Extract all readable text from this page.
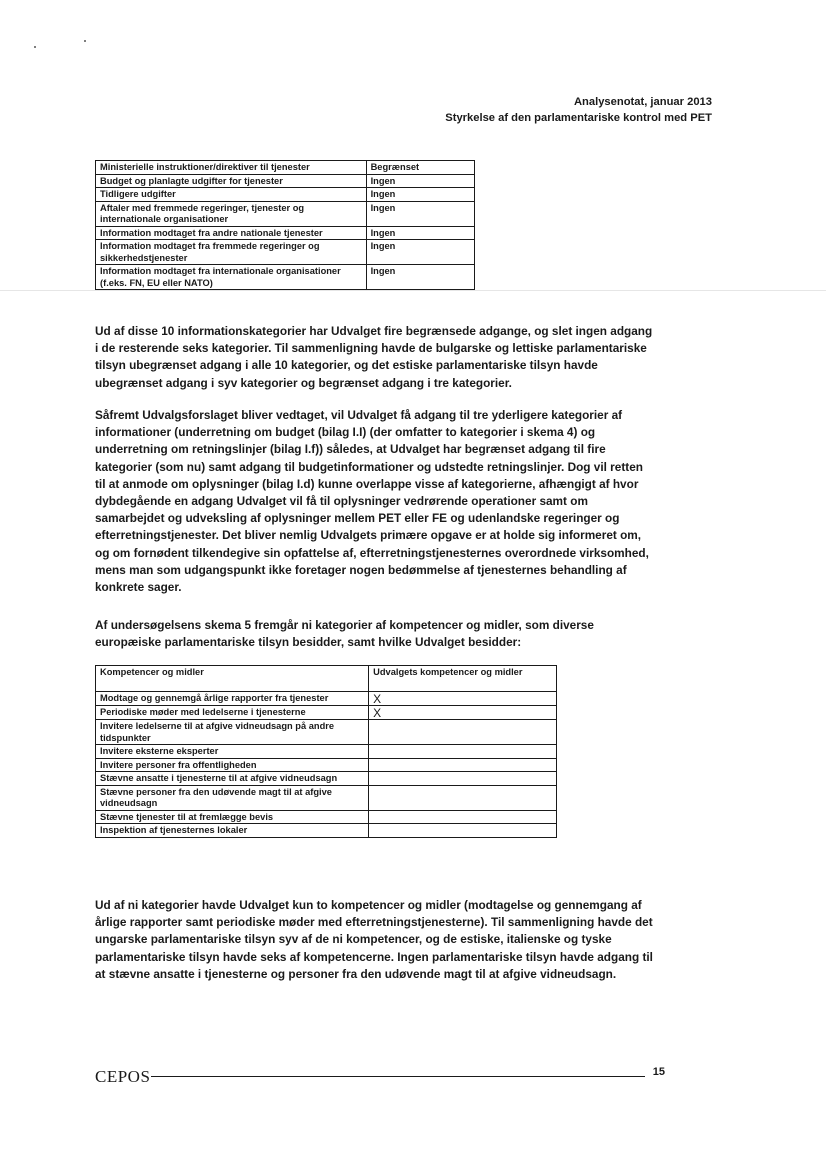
Analysenotat, januar 2013
Styrkelse af den parlamentariske kontrol med PET
Ministerielle instruktioner/direktiver til tjenester	Begrænset
Budget og planlagte udgifter for tjenester	Ingen
Tidligere udgifter	Ingen
Aftaler med fremmede regeringer, tjenester og internationale organisationer	Ingen
Information modtaget fra andre nationale tjenester	Ingen
Information modtaget fra fremmede regeringer og sikkerhedstjenester	Ingen
Information modtaget fra internationale organisationer (f.eks. FN, EU eller NATO)	Ingen

Ud af disse 10 informationskategorier har Udvalget fire begrænsede adgange, og slet ingen adgang i de resterende seks kategorier. Til sammenligning havde de bulgarske og lettiske parlamentariske tilsyn ubegrænset adgang i alle 10 kategorier, og det estiske parlamentariske tilsyn havde ubegrænset adgang i syv kategorier og begrænset adgang i tre kategorier.

Såfremt Udvalgsforslaget bliver vedtaget, vil Udvalget få adgang til tre yderligere kategorier af informationer (underretning om budget (bilag I.I) (der omfatter to kategorier i skema 4) og underretning om retningslinjer (bilag I.f)) således, at Udvalget har begrænset adgang til fire kategorier (som nu) samt adgang til budgetinformationer og udstedte retningslinjer. Dog vil retten til at anmode om oplysninger (bilag I.d) kunne overlappe visse af kategorierne, afhængigt af hvor dybdegående en adgang Udvalget vil få til oplysninger vedrørende operationer samt om samarbejdet og udveksling af oplysninger mellem PET eller FE og udenlandske regeringer og efterretningstjenester. Det bliver nemlig Udvalgets primære opgave er at holde sig informeret om, og om fornødent tilkendegive sin opfattelse af, efterretningstjenesternes overordnede virksomhed, mens man som udgangspunkt ikke foretager nogen bedømmelse af tjenesternes behandling af konkrete sager.

Af undersøgelsens skema 5 fremgår ni kategorier af kompetencer og midler, som diverse europæiske parlamentariske tilsyn besidder, samt hvilke Udvalget besidder:

Kompetencer og midler	Udvalgets kompetencer og midler
Modtage og gennemgå årlige rapporter fra tjenester	X
Periodiske møder med ledelserne i tjenesterne	X
Invitere ledelserne til at afgive vidneudsagn på andre tidspunkter	
Invitere eksterne eksperter	
Invitere personer fra offentligheden	
Stævne ansatte i tjenesterne til at afgive vidneudsagn	
Stævne personer fra den udøvende magt til at afgive vidneudsagn	
Stævne tjenester til at fremlægge bevis	
Inspektion af tjenesternes lokaler	

Ud af ni kategorier havde Udvalget kun to kompetencer og midler (modtagelse og gennemgang af årlige rapporter samt periodiske møder med efterretningstjenesterne). Til sammenligning havde det ungarske parlamentariske tilsyn syv af de ni kompetencer, og de estiske, italienske og tyske parlamentariske tilsyn havde seks af kompetencerne. Ingen parlamentariske tilsyn havde adgang til at stævne ansatte i tjenesterne og personer fra den udøvende magt til at afgive vidneudsagn.

CEPOS	15
